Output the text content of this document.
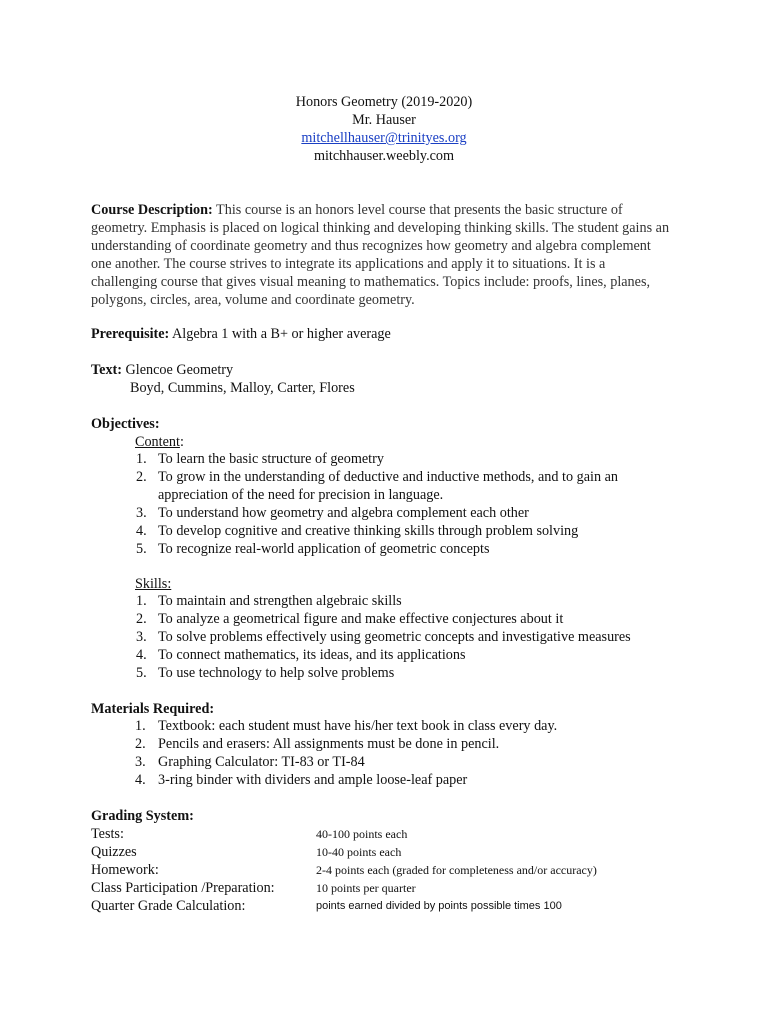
Honors Geometry (2019-2020)
Mr. Hauser
mitchellhauser@trinityes.org
mitchhauser.weebly.com
Course Description: This course is an honors level course that presents the basic structure of geometry. Emphasis is placed on logical thinking and developing thinking skills. The student gains an understanding of coordinate geometry and thus recognizes how geometry and algebra complement one another. The course strives to integrate its applications and apply it to situations. It is a challenging course that gives visual meaning to mathematics. Topics include: proofs, lines, planes, polygons, circles, area, volume and coordinate geometry.
Prerequisite: Algebra 1 with a B+ or higher average
Text: Glencoe Geometry
Boyd, Cummins, Malloy, Carter, Flores
Objectives:
Content:
1. To learn the basic structure of geometry
2. To grow in the understanding of deductive and inductive methods, and to gain an appreciation of the need for precision in language.
3. To understand how geometry and algebra complement each other
4. To develop cognitive and creative thinking skills through problem solving
5. To recognize real-world application of geometric concepts
Skills:
1. To maintain and strengthen algebraic skills
2. To analyze a geometrical figure and make effective conjectures about it
3. To solve problems effectively using geometric concepts and investigative measures
4. To connect mathematics, its ideas, and its applications
5. To use technology to help solve problems
Materials Required:
1. Textbook: each student must have his/her text book in class every day.
2. Pencils and erasers: All assignments must be done in pencil.
3. Graphing Calculator: TI-83 or TI-84
4. 3-ring binder with dividers and ample loose-leaf paper
Grading System:
Tests:	40-100 points each
Quizzes	10-40 points each
Homework:	2-4 points each (graded for completeness and/or accuracy)
Class Participation /Preparation:	10 points per quarter
Quarter Grade Calculation:	points earned divided by points possible times 100
